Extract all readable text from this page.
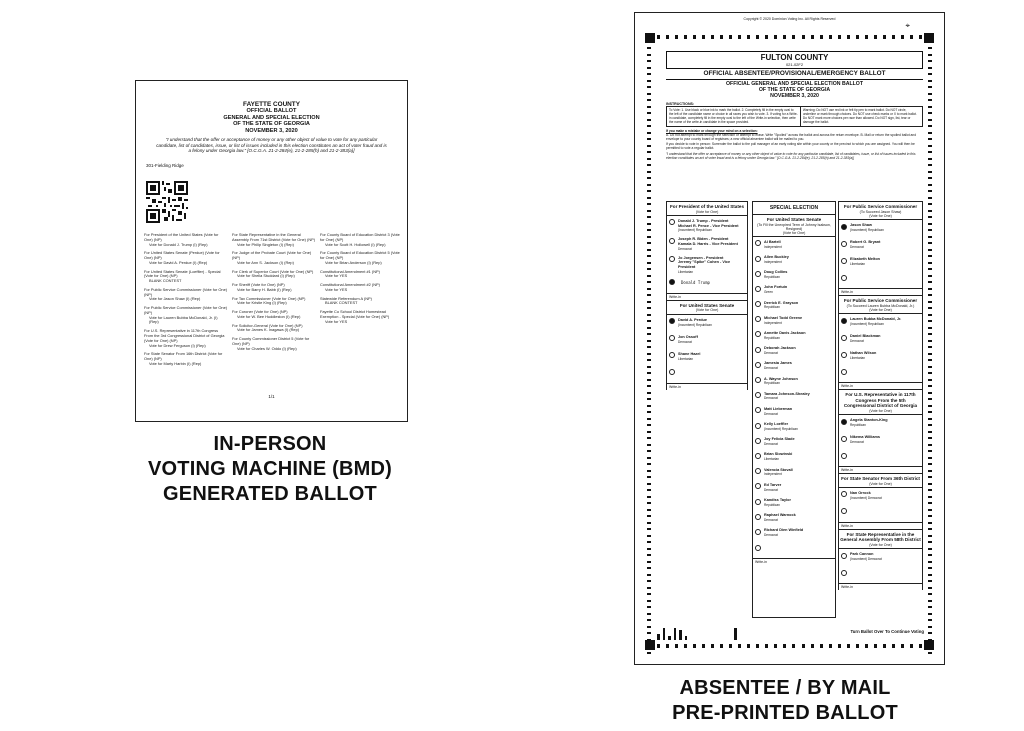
FAYETTE COUNTY
OFFICIAL BALLOT
GENERAL AND SPECIAL ELECTION
OF THE STATE OF GEORGIA
NOVEMBER 3, 2020
"I understand that the offer or acceptance of money or any other object of value to vote for any particular candidate, list of candidates, issue, or list of issues included in this election constitutes an act of voter fraud and is a felony under Georgia law." [O.C.G.A. 21-2-284(e), 21-2-285(h) and 21-2-383(a)]
301-Fielding Ridge
For President of the United States (Vote for One) (NP)
Vote for Donald J. Trump (I) (Rep)
For United States Senate (Perdue) (Vote for One) (NP)
Vote for David A. Perdue (I) (Rep)
For United States Senate (Loeffler) - Special (Vote for One) (NP)
BLANK CONTEST
For Public Service Commissioner (Vote for One) (NP)
Vote for Jason Shaw (I) (Rep)
For Public Service Commissioner (Vote for One) (NP)
Vote for Lauren Bubba McDonald, Jr. (I) (Rep)
For U.S. Representative in 117th Congress From the 3rd Congressional District of Georgia (Vote for One) (NP)
Vote for Drew Ferguson (I) (Rep)
For State Senator From 16th District (Vote for One) (NP)
Vote for Marty Harbin (I) (Rep)
For State Representative in the General Assembly From 71st District (Vote for One) (NP)
Vote for Philip Singleton (I) (Rep)
For Judge of the Probate Court (Vote for One) (NP)
Vote for Ann S. Jackson (I) (Rep)
For Clerk of Superior Court (Vote for One) (NP)
Vote for Sheila Studdard (I) (Rep)
For Sheriff (Vote for One) (NP)
Vote for Barry H. Babb (I) (Rep)
For Tax Commissioner (Vote for One) (NP)
Vote for Kristie King (I) (Rep)
For Coroner (Vote for One) (NP)
Vote for W. Bee Huddleston (I) (Rep)
For Solicitor-General (Vote for One) (NP)
Vote for James K. Inagawa (I) (Rep)
For County Commissioner District 5 (Vote for One) (NP)
Vote for Charles W. Oddo (I) (Rep)
For County Board of Education District 3 (Vote for One) (NP)
Vote for Scott H. Hollowell (I) (Rep)
For County Board of Education District 5 (Vote for One) (NP)
Vote for Brian Anderson (I) (Rep)
Constitutional Amendment #1 (NP)
Vote for YES
Constitutional Amendment #2 (NP)
Vote for YES
Statewide Referendum A (NP)
BLANK CONTEST
Fayette Co School District Homestead Exemption - Special (Vote for One) (NP)
Vote for YES
1/1
IN-PERSON
VOTING MACHINE (BMD)
GENERATED BALLOT
Copyright © 2020 Dominion Voting Inc. All Rights Reserved
⌖
FULTON COUNTY
021-02F2
OFFICIAL ABSENTEE/PROVISIONAL/EMERGENCY BALLOT
OFFICIAL GENERAL AND SPECIAL ELECTION BALLOT
OF THE STATE OF GEORGIA
NOVEMBER 3, 2020
INSTRUCTIONS:
To Vote: 1. Use black or blue ink to mark the ballot. 2. Completely fill in the empty oval to the left of the candidate name or choice in all races you wish to vote. 3. If voting for a Write-in candidate, completely fill in the empty oval to the left of the Write-in selection, then write the name of the write-in candidate in the space provided.
Warning: Do NOT use red ink or felt tip pen to mark ballot. Do NOT circle, underline or mark through choices. Do NOT use check marks or X to mark ballot. Do NOT mark more choices per race than allowed. Do NOT sign, list, tear or damage the ballot.
If you make a mistake or change your mind on a selection:
A. Do not attempt to mark through the selection or attempt to erase. Write "Spoiled" across the ballot and across the return envelope. B. Mail or return the spoiled ballot and envelope to your county board of registrars; a new official absentee ballot will be mailed to you.
If you decide to vote in person: Surrender the ballot to the poll manager of an early voting site within your county or the precinct to which you are assigned. You will then be permitted to vote a regular ballot.
"I understand that the offer or acceptance of money or any other object of value to vote for any particular candidate, list of candidates, issue, or list of issues included in this election constitutes an act of voter fraud and is a felony under Georgia law." [O.C.G.A. 21-2-284(e), 21-2-285(h) and 21-2-383(a)]
For President of the United States
(Vote for One)
Donald J. Trump - President
Michael R. Pence - Vice President
(Incumbent) Republican
Joseph R. Biden - President
Kamala D. Harris - Vice President
Democrat
Jo Jorgensen - President
Jeremy "Spike" Cohen - Vice President
Libertarian
Donald Trump
Write-in
For United States Senate
(Vote for One)
David A. Perdue
(Incumbent) Republican
Jon Ossoff
Democrat
Shane Hazel
Libertarian
Write-in
SPECIAL ELECTION
For United States Senate
(To Fill the Unexpired Term of Johnny Isakson, Resigned)
(Vote for One)
Al Bartell
Independent
Allen Buckley
Independent
Doug Collins
Republican
John Fortuin
Green
Derrick E. Grayson
Republican
Michael Todd Greene
Independent
Annette Davis Jackson
Republican
Deborah Jackson
Democrat
Jamesia James
Democrat
A. Wayne Johnson
Republican
Tamara Johnson-Shealey
Democrat
Matt Lieberman
Democrat
Kelly Loeffler
(Incumbent) Republican
Joy Felicia Slade
Democrat
Brian Slowinski
Libertarian
Valencia Stovall
Independent
Ed Tarver
Democrat
Kandiss Taylor
Republican
Raphael Warnock
Democrat
Richard Dien Winfield
Democrat
Write-in
For Public Service Commissioner
(To Succeed Jason Shaw)
(Vote for One)
Jason Shaw
(Incumbent) Republican
Robert G. Bryant
Democrat
Elizabeth Melton
Libertarian
Write-in
For Public Service Commissioner
(To Succeed Lauren Bubba McDonald, Jr.)
(Vote for One)
Lauren Bubba McDonald, Jr.
(Incumbent) Republican
Daniel Blackman
Democrat
Nathan Wilson
Libertarian
Write-in
For U.S. Representative in 117th Congress From the 5th Congressional District of Georgia
(Vote for One)
Angela Stanton-King
Republican
Nikema Williams
Democrat
Write-in
For State Senator From 36th District
(Vote for One)
Nan Orrock
(Incumbent) Democrat
Write-in
For State Representative in the General Assembly From 58th District
(Vote for One)
Park Cannon
(Incumbent) Democrat
Write-in
Turn Ballot Over To Continue Voting
ABSENTEE / BY MAIL
PRE-PRINTED BALLOT
